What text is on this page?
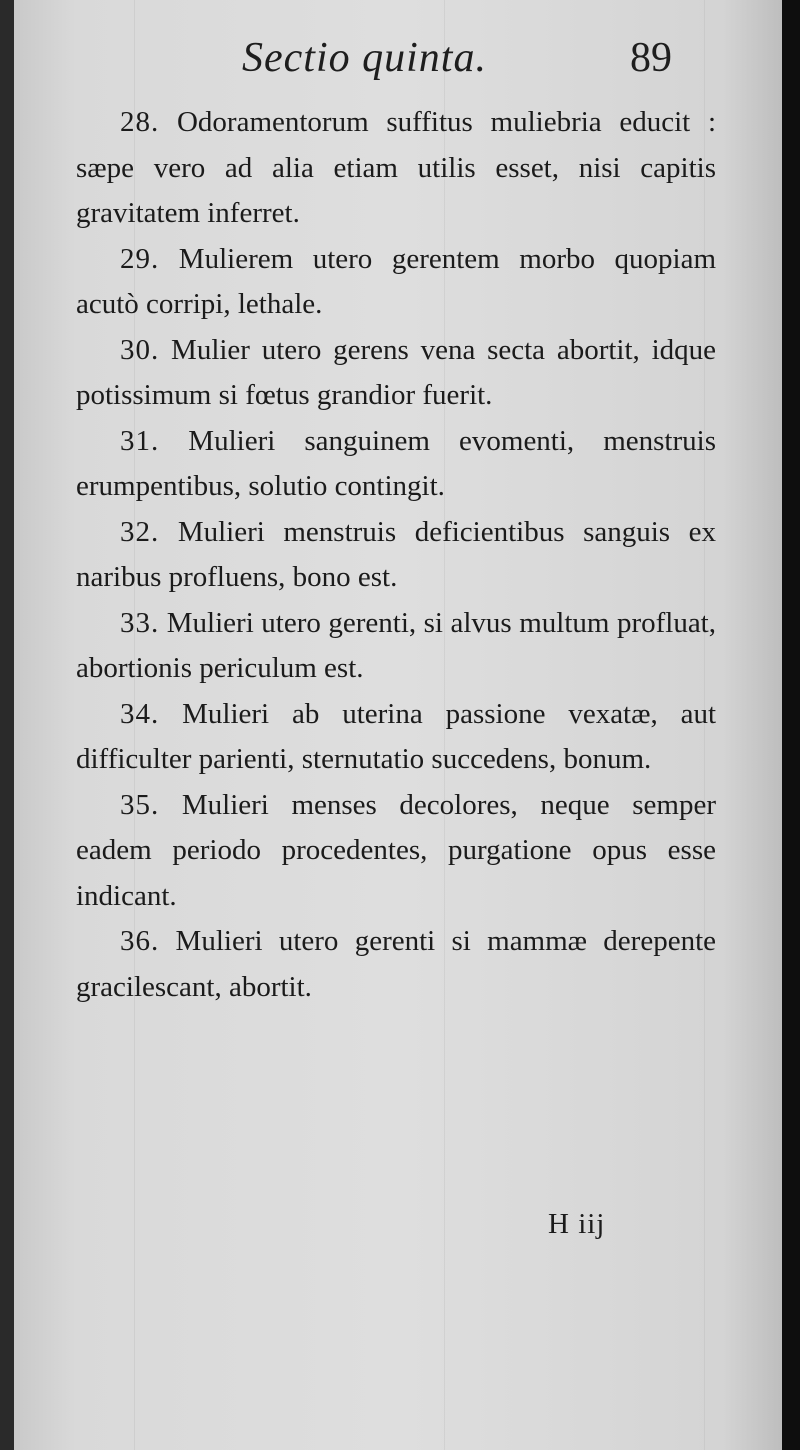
Sectio quinta.	89

28. Odoramentorum suffitus muliebria educit : sæpe vero ad alia etiam utilis esset, nisi capitis gravitatem inferret.

29. Mulierem utero gerentem morbo quopiam acutò corripi, lethale.

30. Mulier utero gerens vena secta abortit, idque potissimum si fœtus grandior fuerit.

31. Mulieri sanguinem evomenti, menstruis erumpentibus, solutio contingit.

32. Mulieri menstruis deficientibus sanguis ex naribus profluens, bono est.

33. Mulieri utero gerenti, si alvus multum profluat, abortionis periculum est.

34. Mulieri ab uterina passione vexatæ, aut difficulter parienti, sternutatio succedens, bonum.

35. Mulieri menses decolores, neque semper eadem periodo procedentes, purgatione opus esse indicant.

36. Mulieri utero gerenti si mammæ derepente gracilescant, abortit.

H iij
